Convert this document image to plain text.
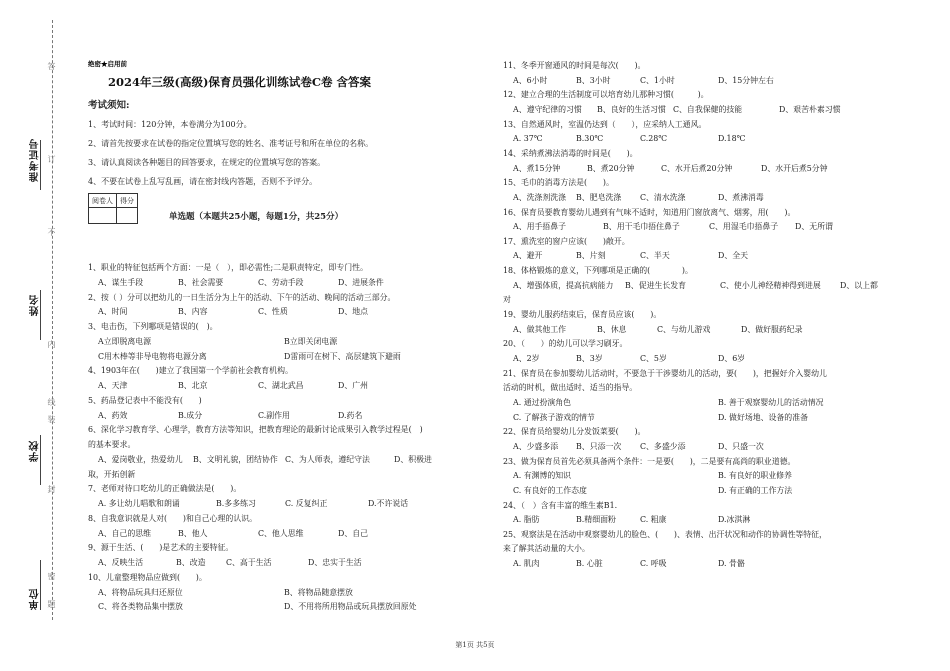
准考证号
姓名
学校
单位
不
订
装
线
内
封
密
题
答	绝密★启用前
2024年三级(高级)保育员强化训练试卷C卷 含答案
考试须知:
1、考试时间：120分钟，本卷满分为100分。
2、请首先按要求在试卷的指定位置填写您的姓名、准考证号和所在单位的名称。
3、请认真阅读各种题目的回答要求，在规定的位置填写您的答案。
4、不要在试卷上乱写乱画，请在密封线内答题，否则不予评分。
阅卷人	得分

单选题（本题共25小题，每题1分，共25分）
1、职业的特征包括两个方面：一是（　），即必需性;二是职责特定，即专门性。
A、谋生手段	B、社会需要	C、劳动手段	D、进展条件
2、按（ ）分可以把幼儿的一日生活分为上午的活动、下午的活动、晚间的活动三部分。
A、时间	B、内容	C、性质	D、地点
3、电击伤，下列哪项是错误的(　)。
A立即脱离电源	B立即关闭电源
C用木棒等非导电物将电源分离	D雷雨可在树下、高层建筑下避雨
4、1903年在(　　)建立了我国第一个学前社会教育机构。
A、天津	B、北京	C、湖北武昌	D、广州
5、药品登记表中不能没有(　　)
A、药效	B.成分	C.副作用	D.药名
6、深化学习教育学、心理学，教育方法等知识，把教育理论的最新讨论成果引入教学过程是(　)
的基本要求。
A、爱岗敬业，热爱幼儿 B、文明礼貌，团结协作 C、为人师表，遵纪守法	D、积极进
取，开拓创新
7、老师对待口吃幼儿的正确做法是(　　)。
A. 多让幼儿唱歌和朗诵	B.多多练习	C. 反复纠正	D.不许说话
8、自我意识就是人对(　　)和自己心理的认识。
A、自己的思维	B、他人	C、他人思维	D、自己
9、源于生活、(　　)是艺术的主要特征。
A、反映生活	B、改造	C、高于生活	D、忠实于生活
10、儿童整理物品应做到(　　)。
A、将物品玩具归还原位	B、将物品随意摆放
C、将各类物品集中摆放	D、不用将所用物品或玩具摆放回原处
11、冬季开窗通风的时间是每次(　　)。
A、6小时	B、3小时	C、1小时	D、15分钟左右
12、建立合理的生活制度可以培育幼儿那种习惯(　　　)。
A、遵守纪律的习惯 B、良好的生活习惯 C、自我保健的技能	D、艰苦朴素习惯
13、自然通风时，室温仍达到（　　），应采纳人工通风。
A. 37℃	B.30℃	C.28℃	D.18℃
14、采纳煮沸法消毒的时间是(　　)。
A、煮15分钟	B、煮20分钟	C、水开后煮20分钟	D、水开后煮5分钟
15、毛巾的消毒方法是(　　)。
A、洗涤剂洗涤 B、肥皂洗涤 C、清水洗涤	D、煮沸消毒
16、保育员要教育婴幼儿遇到有气味不适时，知道用门窗放离气、烟雾，用(　　)。
A、用手捂鼻子	B、用干毛巾捂住鼻子	C、用湿毛巾捂鼻子 D、无所谓
17、熏洗室的窗户应该(　　)敞开。
A、避开	B、片刻	C、半天	D、全天
18、体格锻炼的意义，下列哪项是正确的(　　　　)。
A、增强体质，提高抗病能力 B、促进生长发育	C、使小儿神经精神得到进展 D、以上都
对
19、婴幼儿服药结束后，保育员应该(　　)。
A、做其他工作	B、休息	C、与幼儿游戏	D、做好服药纪录
20、（　　）的幼儿可以学习刷牙。
A、2岁	B、3岁	C、5岁	D、6岁
21、保育员在参加婴幼儿活动时，不要急于干涉婴幼儿的活动，要(　　)，把握好介入婴幼儿
活动的时机，做出适时、适当的指导。
A. 通过扮演角色	B. 善于观察婴幼儿的活动情况
C. 了解孩子游戏的情节	D. 做好场地、设备的准备
22、保育员给婴幼儿分发饭菜要(　　)。
A、少盛多添 B、只添一次 C、多盛少添	D、只盛一次
23、做为保育员首先必须具备两个条件：一是要(　　)，二是要有高尚的职业道德。
A. 有渊博的知识	B. 有良好的职业修养
C. 有良好的工作态度	D. 有正确的工作方法
24、（　）含有丰富的维生素B1.
A. 脂肪	B.精细面粉	C. 粗康	D.冰淇淋
25、观察法是在活动中观察婴幼儿的脸色、(　　)、表情、出汗状况和动作的协调性等特征，
来了解其活动量的大小。
A. 肌肉	B. 心脏	C. 呼吸	D. 骨骼
第1页 共5页
